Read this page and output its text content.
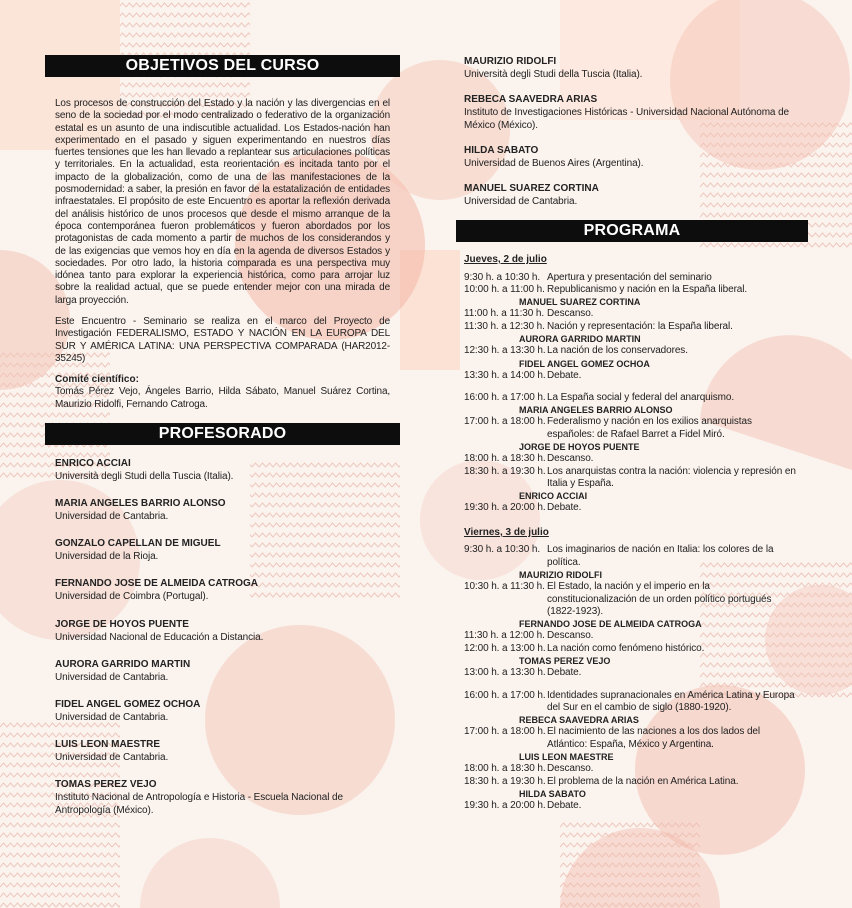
OBJETIVOS DEL CURSO

Los procesos de construcción del Estado y la nación y las divergencias en el seno de la sociedad por el modo centralizado o federativo de la organización estatal es un asunto de una indiscutible actualidad. Los Estados-nación han experimentado en el pasado y siguen experimentando en nuestros días fuertes tensiones que les han llevado a replantear sus articulaciones políticas y territoriales. En la actualidad, esta reorientación es incitada tanto por el impacto de la globalización, como de una de las manifestaciones de la posmodernidad: a saber, la presión en favor de la estatalización de entidades infraestatales. El propósito de este Encuentro es aportar la reflexión derivada del análisis histórico de unos procesos que desde el mismo arranque de la época contemporánea fueron problemáticos y fueron abordados por los protagonistas de cada momento a partir de muchos de los considerandos y de las exigencias que vemos hoy en día en la agenda de diversos Estados y sociedades. Por otro lado, la historia comparada es una perspectiva muy idónea tanto para explorar la experiencia histórica, como para arrojar luz sobre la realidad actual, que se puede entender mejor con una mirada de larga proyección.

Este Encuentro - Seminario se realiza en el marco del Proyecto de Investigación FEDERALISMO, ESTADO Y NACIÓN EN LA EUROPA DEL SUR Y AMÉRICA LATINA: UNA PERSPECTIVA COMPARADA (HAR2012-35245)

Comité científico:

Tomás Pérez Vejo, Ángeles Barrio, Hilda Sábato, Manuel Suárez Cortina, Maurizio Ridolfi, Fernando Catroga.

PROFESORADO
ENRICO ACCIAI
Università degli Studi della Tuscia (Italia).
MARIA ANGELES BARRIO ALONSO
Universidad de Cantabria.
GONZALO CAPELLAN DE MIGUEL
Universidad de la Rioja.
FERNANDO JOSE DE ALMEIDA CATROGA
Universidad de Coimbra (Portugal).
JORGE DE HOYOS PUENTE
Universidad Nacional de Educación a Distancia.
AURORA GARRIDO MARTIN
Universidad de Cantabria.
FIDEL ANGEL GOMEZ OCHOA
Universidad de Cantabria.
LUIS LEON MAESTRE
Universidad de Cantabria.
TOMAS PEREZ VEJO
Instituto Nacional de Antropología e Historia - Escuela Nacional de Antropología (México).
MAURIZIO RIDOLFI
Università degli Studi della Tuscia (Italia).
REBECA SAAVEDRA ARIAS
Instituto de Investigaciones Históricas - Universidad Nacional Autónoma de México (México).
HILDA SABATO
Universidad de Buenos Aires (Argentina).
MANUEL SUAREZ CORTINA
Universidad de Cantabria.
PROGRAMA
Jueves, 2 de julio
9:30 h. a 10:30 h. Apertura y presentación del seminario
10:00 h. a 11:00 h. Republicanismo y nación en la España liberal.
MANUEL SUAREZ CORTINA
11:00 h. a 11:30 h. Descanso.
11:30 h. a 12:30 h. Nación y representación: la España liberal.
AURORA GARRIDO MARTIN
12:30 h. a 13:30 h. La nación de los conservadores.
FIDEL ANGEL GOMEZ OCHOA
13:30 h. a 14:00 h. Debate.
16:00 h. a 17:00 h. La España social y federal del anarquismo.
MARIA ANGELES BARRIO ALONSO
17:00 h. a 18:00 h. Federalismo y nación en los exilios anarquistas españoles: de Rafael Barret a Fidel Miró.
JORGE DE HOYOS PUENTE
18:00 h. a 18:30 h. Descanso.
18:30 h. a 19:30 h. Los anarquistas contra la nación: violencia y represión en Italia y España.
ENRICO ACCIAI
19:30 h. a 20:00 h. Debate.
Viernes, 3 de julio
9:30 h. a 10:30 h. Los imaginarios de nación en Italia: los colores de la política.
MAURIZIO RIDOLFI
10:30 h. a 11:30 h. El Estado, la nación y el imperio en la constitucionalización de un orden político portugués (1822-1923).
FERNANDO JOSE DE ALMEIDA CATROGA
11:30 h. a 12:00 h. Descanso.
12:00 h. a 13:00 h. La nación como fenómeno histórico.
TOMAS PEREZ VEJO
13:00 h. a 13:30 h. Debate.
16:00 h. a 17:00 h. Identidades supranacionales en América Latina y Europa del Sur en el cambio de siglo (1880-1920).
REBECA SAAVEDRA ARIAS
17:00 h. a 18:00 h. El nacimiento de las naciones a los dos lados del Atlántico: España, México y Argentina.
LUIS LEON MAESTRE
18:00 h. a 18:30 h. Descanso.
18:30 h. a 19:30 h. El problema de la nación en América Latina.
HILDA SABATO
19:30 h. a 20:00 h. Debate.
